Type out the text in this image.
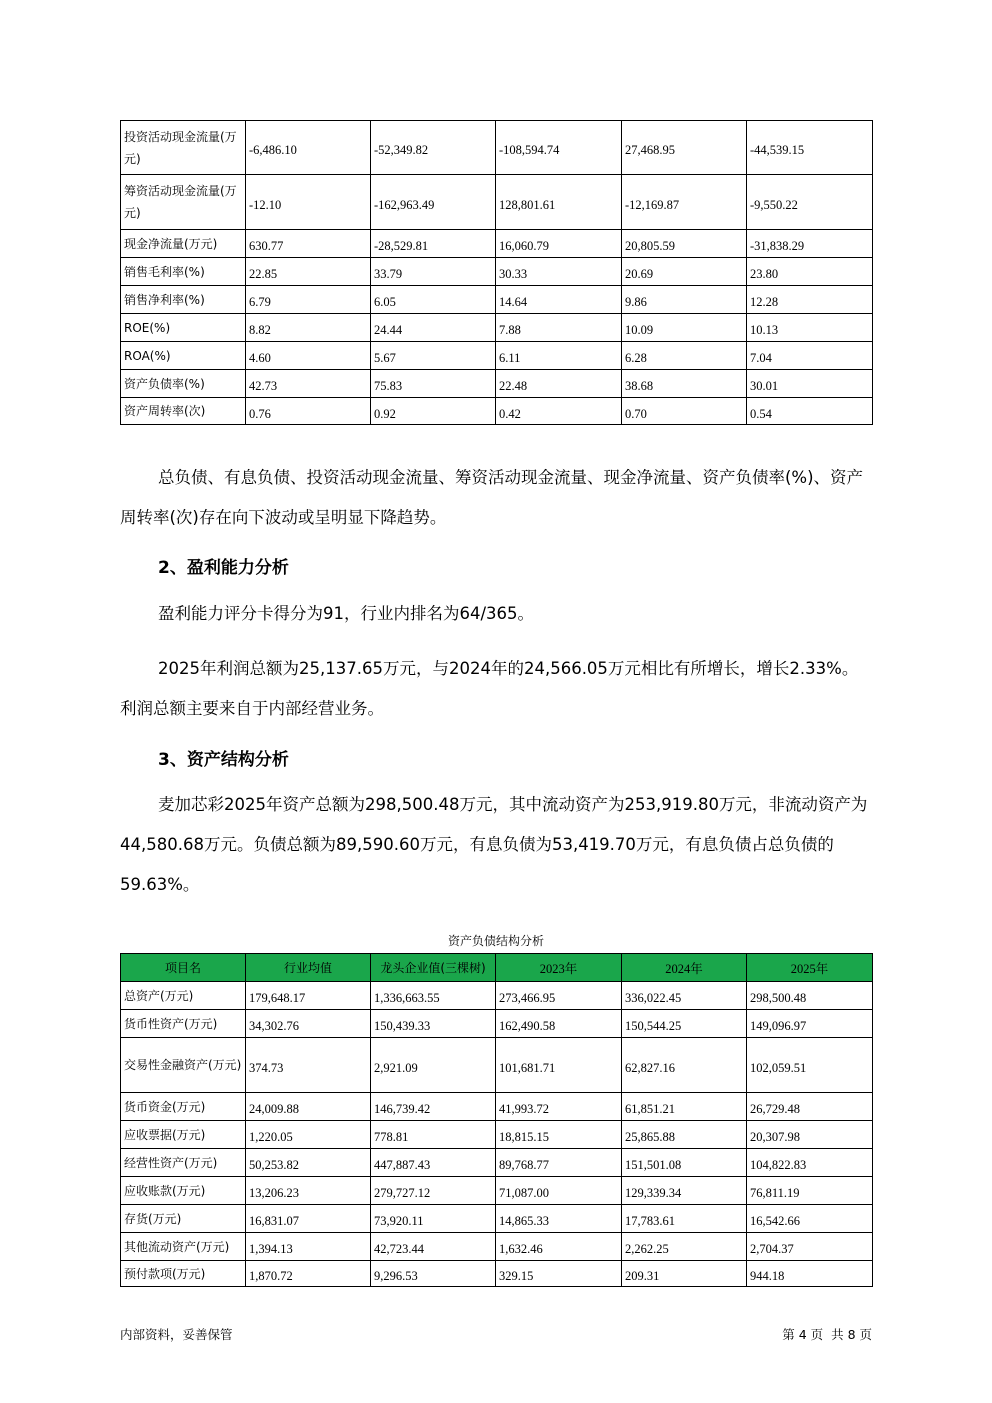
投资活动现金流量(万元)	-6,486.10	-52,349.82	-108,594.74	27,468.95	-44,539.15
筹资活动现金流量(万元)	-12.10	-162,963.49	128,801.61	-12,169.87	-9,550.22
现金净流量(万元)	630.77	-28,529.81	16,060.79	20,805.59	-31,838.29
销售毛利率(%)	22.85	33.79	30.33	20.69	23.80
销售净利率(%)	6.79	6.05	14.64	9.86	12.28
ROE(%)	8.82	24.44	7.88	10.09	10.13
ROA(%)	4.60	5.67	6.11	6.28	7.04
资产负债率(%)	42.73	75.83	22.48	38.68	30.01
资产周转率(次)	0.76	0.92	0.42	0.70	0.54
总负债、有息负债、投资活动现金流量、筹资活动现金流量、现金净流量、资产负债率(%)、资产周转率(次)存在向下波动或呈明显下降趋势。
2、盈利能力分析
盈利能力评分卡得分为91，行业内排名为64/365。
2025年利润总额为25,137.65万元，与2024年的24,566.05万元相比有所增长，增长2.33%。利润总额主要来自于内部经营业务。
3、资产结构分析
麦加芯彩2025年资产总额为298,500.48万元，其中流动资产为253,919.80万元，非流动资产为44,580.68万元。负债总额为89,590.60万元，有息负债为53,419.70万元，有息负债占总负债的59.63%。
资产负债结构分析
项目名	行业均值	龙头企业值(三棵树)	2023年	2024年	2025年
总资产(万元)	179,648.17	1,336,663.55	273,466.95	336,022.45	298,500.48
货币性资产(万元)	34,302.76	150,439.33	162,490.58	150,544.25	149,096.97
交易性金融资产(万元)	374.73	2,921.09	101,681.71	62,827.16	102,059.51
货币资金(万元)	24,009.88	146,739.42	41,993.72	61,851.21	26,729.48
应收票据(万元)	1,220.05	778.81	18,815.15	25,865.88	20,307.98
经营性资产(万元)	50,253.82	447,887.43	89,768.77	151,501.08	104,822.83
应收账款(万元)	13,206.23	279,727.12	71,087.00	129,339.34	76,811.19
存货(万元)	16,831.07	73,920.11	14,865.33	17,783.61	16,542.66
其他流动资产(万元)	1,394.13	42,723.44	1,632.46	2,262.25	2,704.37
预付款项(万元)	1,870.72	9,296.53	329.15	209.31	944.18
内部资料，妥善保管	第 4 页  共 8 页
